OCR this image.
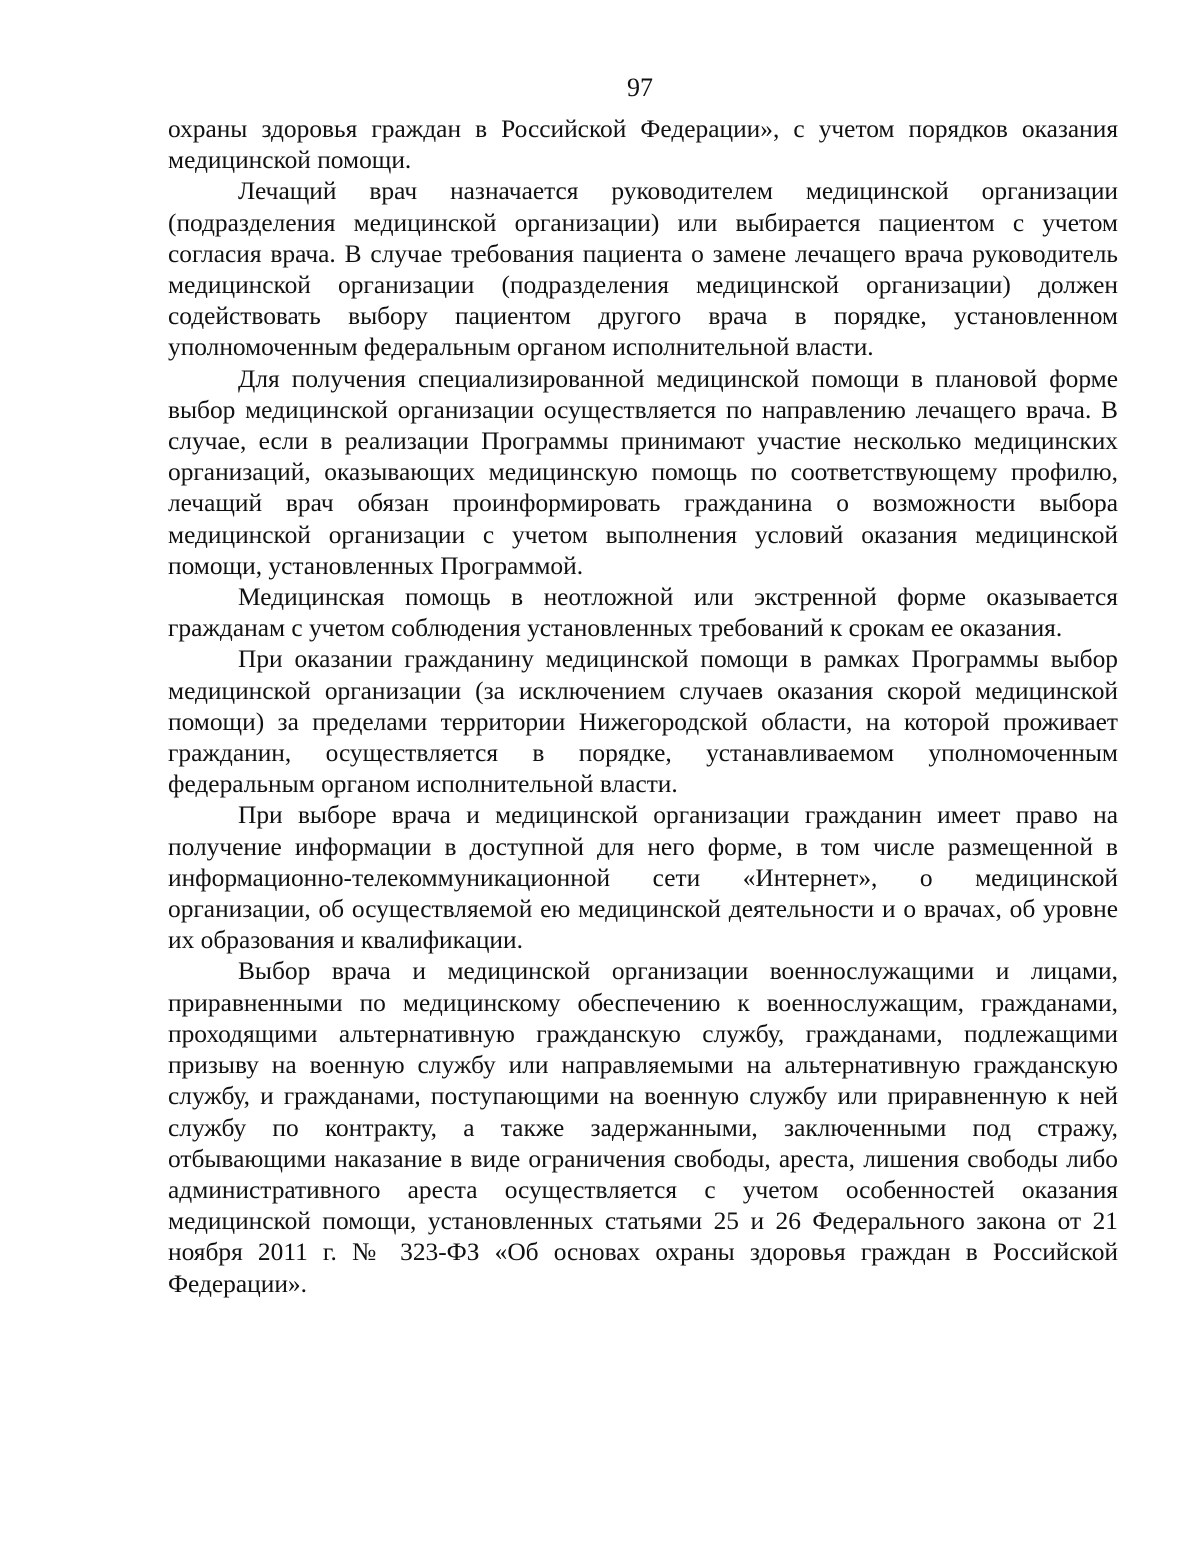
97

охраны здоровья граждан в Российской Федерации», с учетом порядков оказания медицинской помощи.

Лечащий врач назначается руководителем медицинской организации (подразделения медицинской организации) или выбирается пациентом с учетом согласия врача. В случае требования пациента о замене лечащего врача руководитель медицинской организации (подразделения медицинской организации) должен содействовать выбору пациентом другого врача в порядке, установленном уполномоченным федеральным органом исполнительной власти.

Для получения специализированной медицинской помощи в плановой форме выбор медицинской организации осуществляется по направлению лечащего врача. В случае, если в реализации Программы принимают участие несколько медицинских организаций, оказывающих медицинскую помощь по соответствующему профилю, лечащий врач обязан проинформировать гражданина о возможности выбора медицинской организации с учетом выполнения условий оказания медицинской помощи, установленных Программой.

Медицинская помощь в неотложной или экстренной форме оказывается гражданам с учетом соблюдения установленных требований к срокам ее оказания.

При оказании гражданину медицинской помощи в рамках Программы выбор медицинской организации (за исключением случаев оказания скорой медицинской помощи) за пределами территории Нижегородской области, на которой проживает гражданин, осуществляется в порядке, устанавливаемом уполномоченным федеральным органом исполнительной власти.

При выборе врача и медицинской организации гражданин имеет право на получение информации в доступной для него форме, в том числе размещенной в информационно-телекоммуникационной сети «Интернет», о медицинской организации, об осуществляемой ею медицинской деятельности и о врачах, об уровне их образования и квалификации.

Выбор врача и медицинской организации военнослужащими и лицами, приравненными по медицинскому обеспечению к военнослужащим, гражданами, проходящими альтернативную гражданскую службу, гражданами, подлежащими призыву на военную службу или направляемыми на альтернативную гражданскую службу, и гражданами, поступающими на военную службу или приравненную к ней службу по контракту, а также задержанными, заключенными под стражу, отбывающими наказание в виде ограничения свободы, ареста, лишения свободы либо административного ареста осуществляется с учетом особенностей оказания медицинской помощи, установленных статьями 25 и 26 Федерального закона от 21 ноября 2011 г. № 323-ФЗ «Об основах охраны здоровья граждан в Российской Федерации».
